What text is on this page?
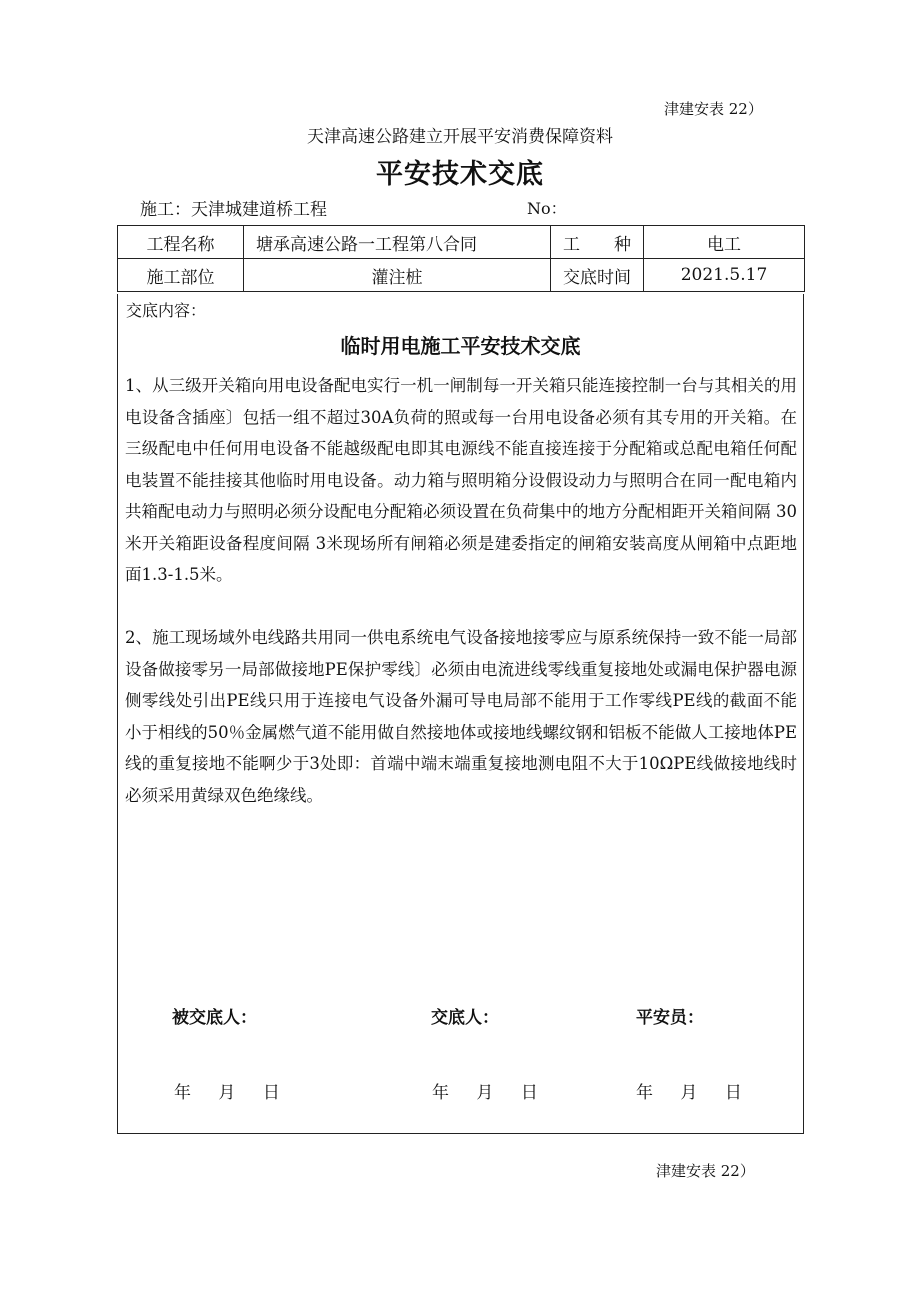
津建安表 22）
天津高速公路建立开展平安消费保障资料
平安技术交底
施工：天津城建道桥工程	No：
工程名称	塘承高速公路一工程第八合同	工　　种	电工
施工部位	灌注桩	交底时间	2021.5.17
交底内容：
临时用电施工平安技术交底
1、从三级开关箱向用电设备配电实行一机一闸制每一开关箱只能连接控制一台与其相关的用电设备含插座〕包括一组不超过30A负荷的照或每一台用电设备必须有其专用的开关箱。在三级配电中任何用电设备不能越级配电即其电源线不能直接连接于分配箱或总配电箱任何配电装置不能挂接其他临时用电设备。动力箱与照明箱分设假设动力与照明合在同一配电箱内共箱配电动力与照明必须分设配电分配箱必须设置在负荷集中的地方分配相距开关箱间隔 30米开关箱距设备程度间隔 3米现场所有闸箱必须是建委指定的闸箱安装高度从闸箱中点距地面1.3-1.5米。
2、施工现场域外电线路共用同一供电系统电气设备接地接零应与原系统保持一致不能一局部设备做接零另一局部做接地PE保护零线〕必须由电流进线零线重复接地处或漏电保护器电源侧零线处引出PE线只用于连接电气设备外漏可导电局部不能用于工作零线PE线的截面不能小于相线的50％金属燃气道不能用做自然接地体或接地线螺纹钢和铝板不能做人工接地体PE线的重复接地不能啊少于3处即：首端中端末端重复接地测电阻不大于10ΩPE线做接地线时必须采用黄绿双色绝缘线。
被交底人：	交底人：	平安员：
年 月 日	年 月 日	年 月 日
津建安表 22）
